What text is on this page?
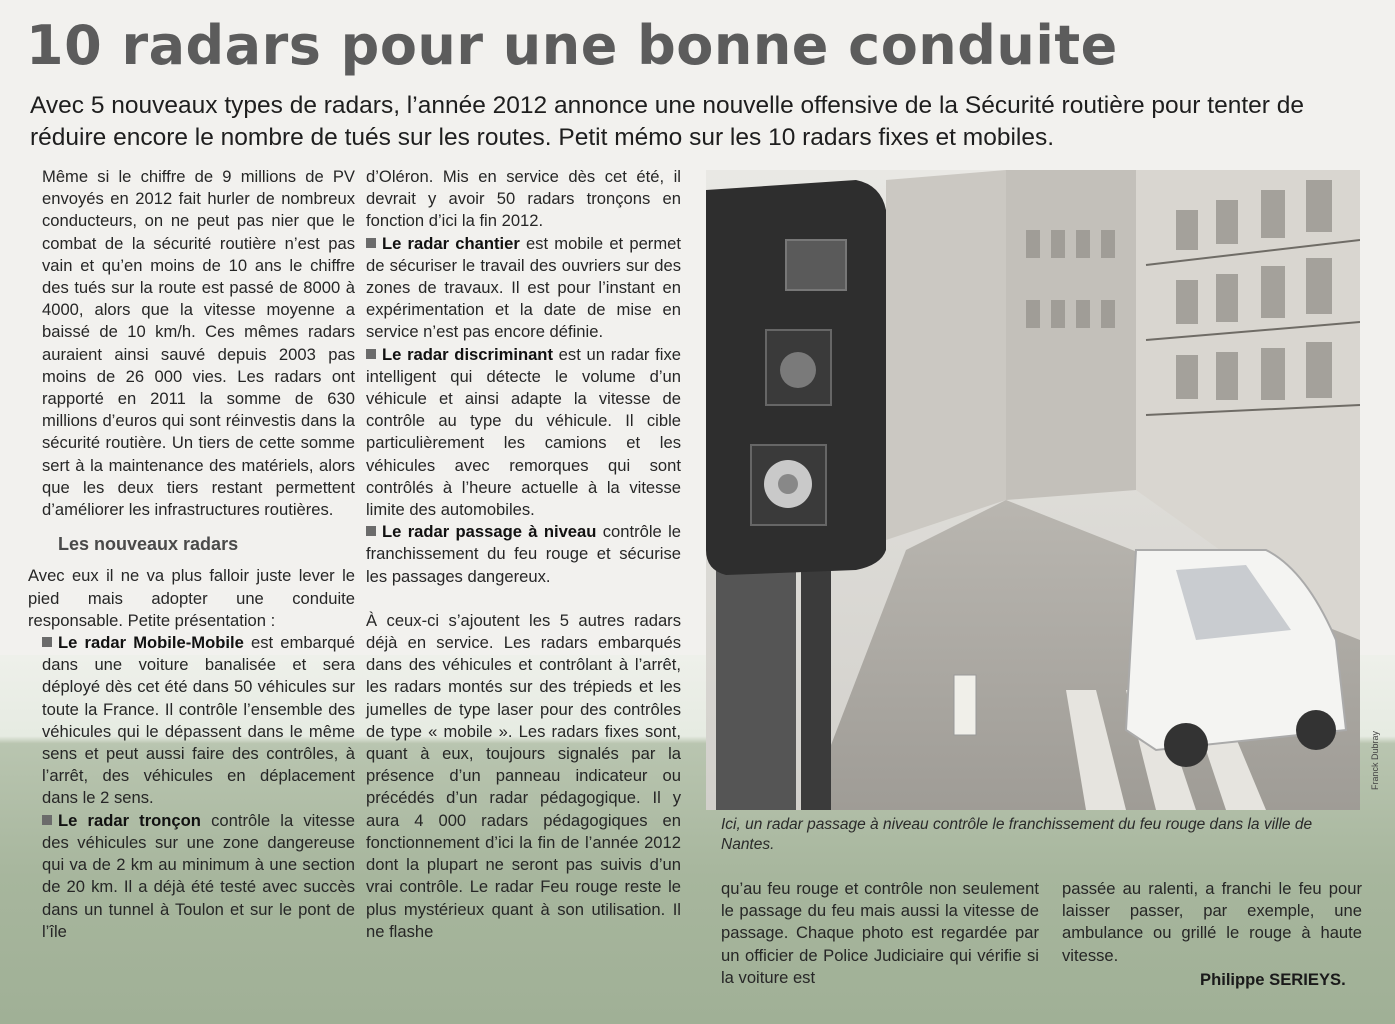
10 radars pour une bonne conduite

Avec 5 nouveaux types de radars, l’année 2012 annonce une nouvelle offensive de la Sécurité routière pour tenter de réduire encore le nombre de tués sur les routes. Petit mémo sur les 10 radars fixes et mobiles.

Même si le chiffre de 9 millions de PV envoyés en 2012 fait hurler de nombreux conducteurs, on ne peut pas nier que le combat de la sécurité routière n’est pas vain et qu’en moins de 10 ans le chiffre des tués sur la route est passé de 8000 à 4000, alors que la vitesse moyenne a baissé de 10 km/h. Ces mêmes radars auraient ainsi sauvé depuis 2003 pas moins de 26 000 vies. Les radars ont rapporté en 2011 la somme de 630 millions d’euros qui sont réinvestis dans la sécurité routière. Un tiers de cette somme sert à la maintenance des matériels, alors que les deux tiers restant permettent d’améliorer les infrastructures routières.

Les nouveaux radars

Avec eux il ne va plus falloir juste lever le pied mais adopter une conduite responsable. Petite présentation :

Le radar Mobile-Mobile est embarqué dans une voiture banalisée et sera déployé dès cet été dans 50 véhicules sur toute la France. Il contrôle l’ensemble des véhicules qui le dépassent dans le même sens et peut aussi faire des contrôles, à l’arrêt, des véhicules en déplacement dans le 2 sens.

Le radar tronçon contrôle la vitesse des véhicules sur une zone dangereuse qui va de 2 km au minimum à une section de 20 km. Il a déjà été testé avec succès dans un tunnel à Toulon et sur le pont de l’île

d’Oléron. Mis en service dès cet été, il devrait y avoir 50 radars tronçons en fonction d’ici la fin 2012.

Le radar chantier est mobile et permet de sécuriser le travail des ouvriers sur des zones de travaux. Il est pour l’instant en expérimentation et la date de mise en service n’est pas encore définie.

Le radar discriminant est un radar fixe intelligent qui détecte le volume d’un véhicule et ainsi adapte la vitesse de contrôle au type du véhicule. Il cible particulièrement les camions et les véhicules avec remorques qui sont contrôlés à l’heure actuelle à la vitesse limite des automobiles.

Le radar passage à niveau contrôle le franchissement du feu rouge et sécurise les passages dangereux.

À ceux-ci s’ajoutent les 5 autres radars déjà en service. Les radars embarqués dans des véhicules et contrôlant à l’arrêt, les radars montés sur des trépieds et les jumelles de type laser pour des contrôles de type « mobile ». Les radars fixes sont, quant à eux, toujours signalés par la présence d’un panneau indicateur ou précédés d’un radar pédagogique. Il y aura 4 000 radars pédagogiques en fonctionnement d’ici la fin de l’année 2012 dont la plupart ne seront pas suivis d’un vrai contrôle. Le radar Feu rouge reste le plus mystérieux quant à son utilisation. Il ne flashe

Franck Dubray

Ici, un radar passage à niveau contrôle le franchissement du feu rouge dans la ville de Nantes.

qu’au feu rouge et contrôle non seulement le passage du feu mais aussi la vitesse de passage. Chaque photo est regardée par un officier de Police Judiciaire qui vérifie si la voiture est

passée au ralenti, a franchi le feu pour laisser passer, par exemple, une ambulance ou grillé le rouge à haute vitesse.

Philippe SERIEYS.
